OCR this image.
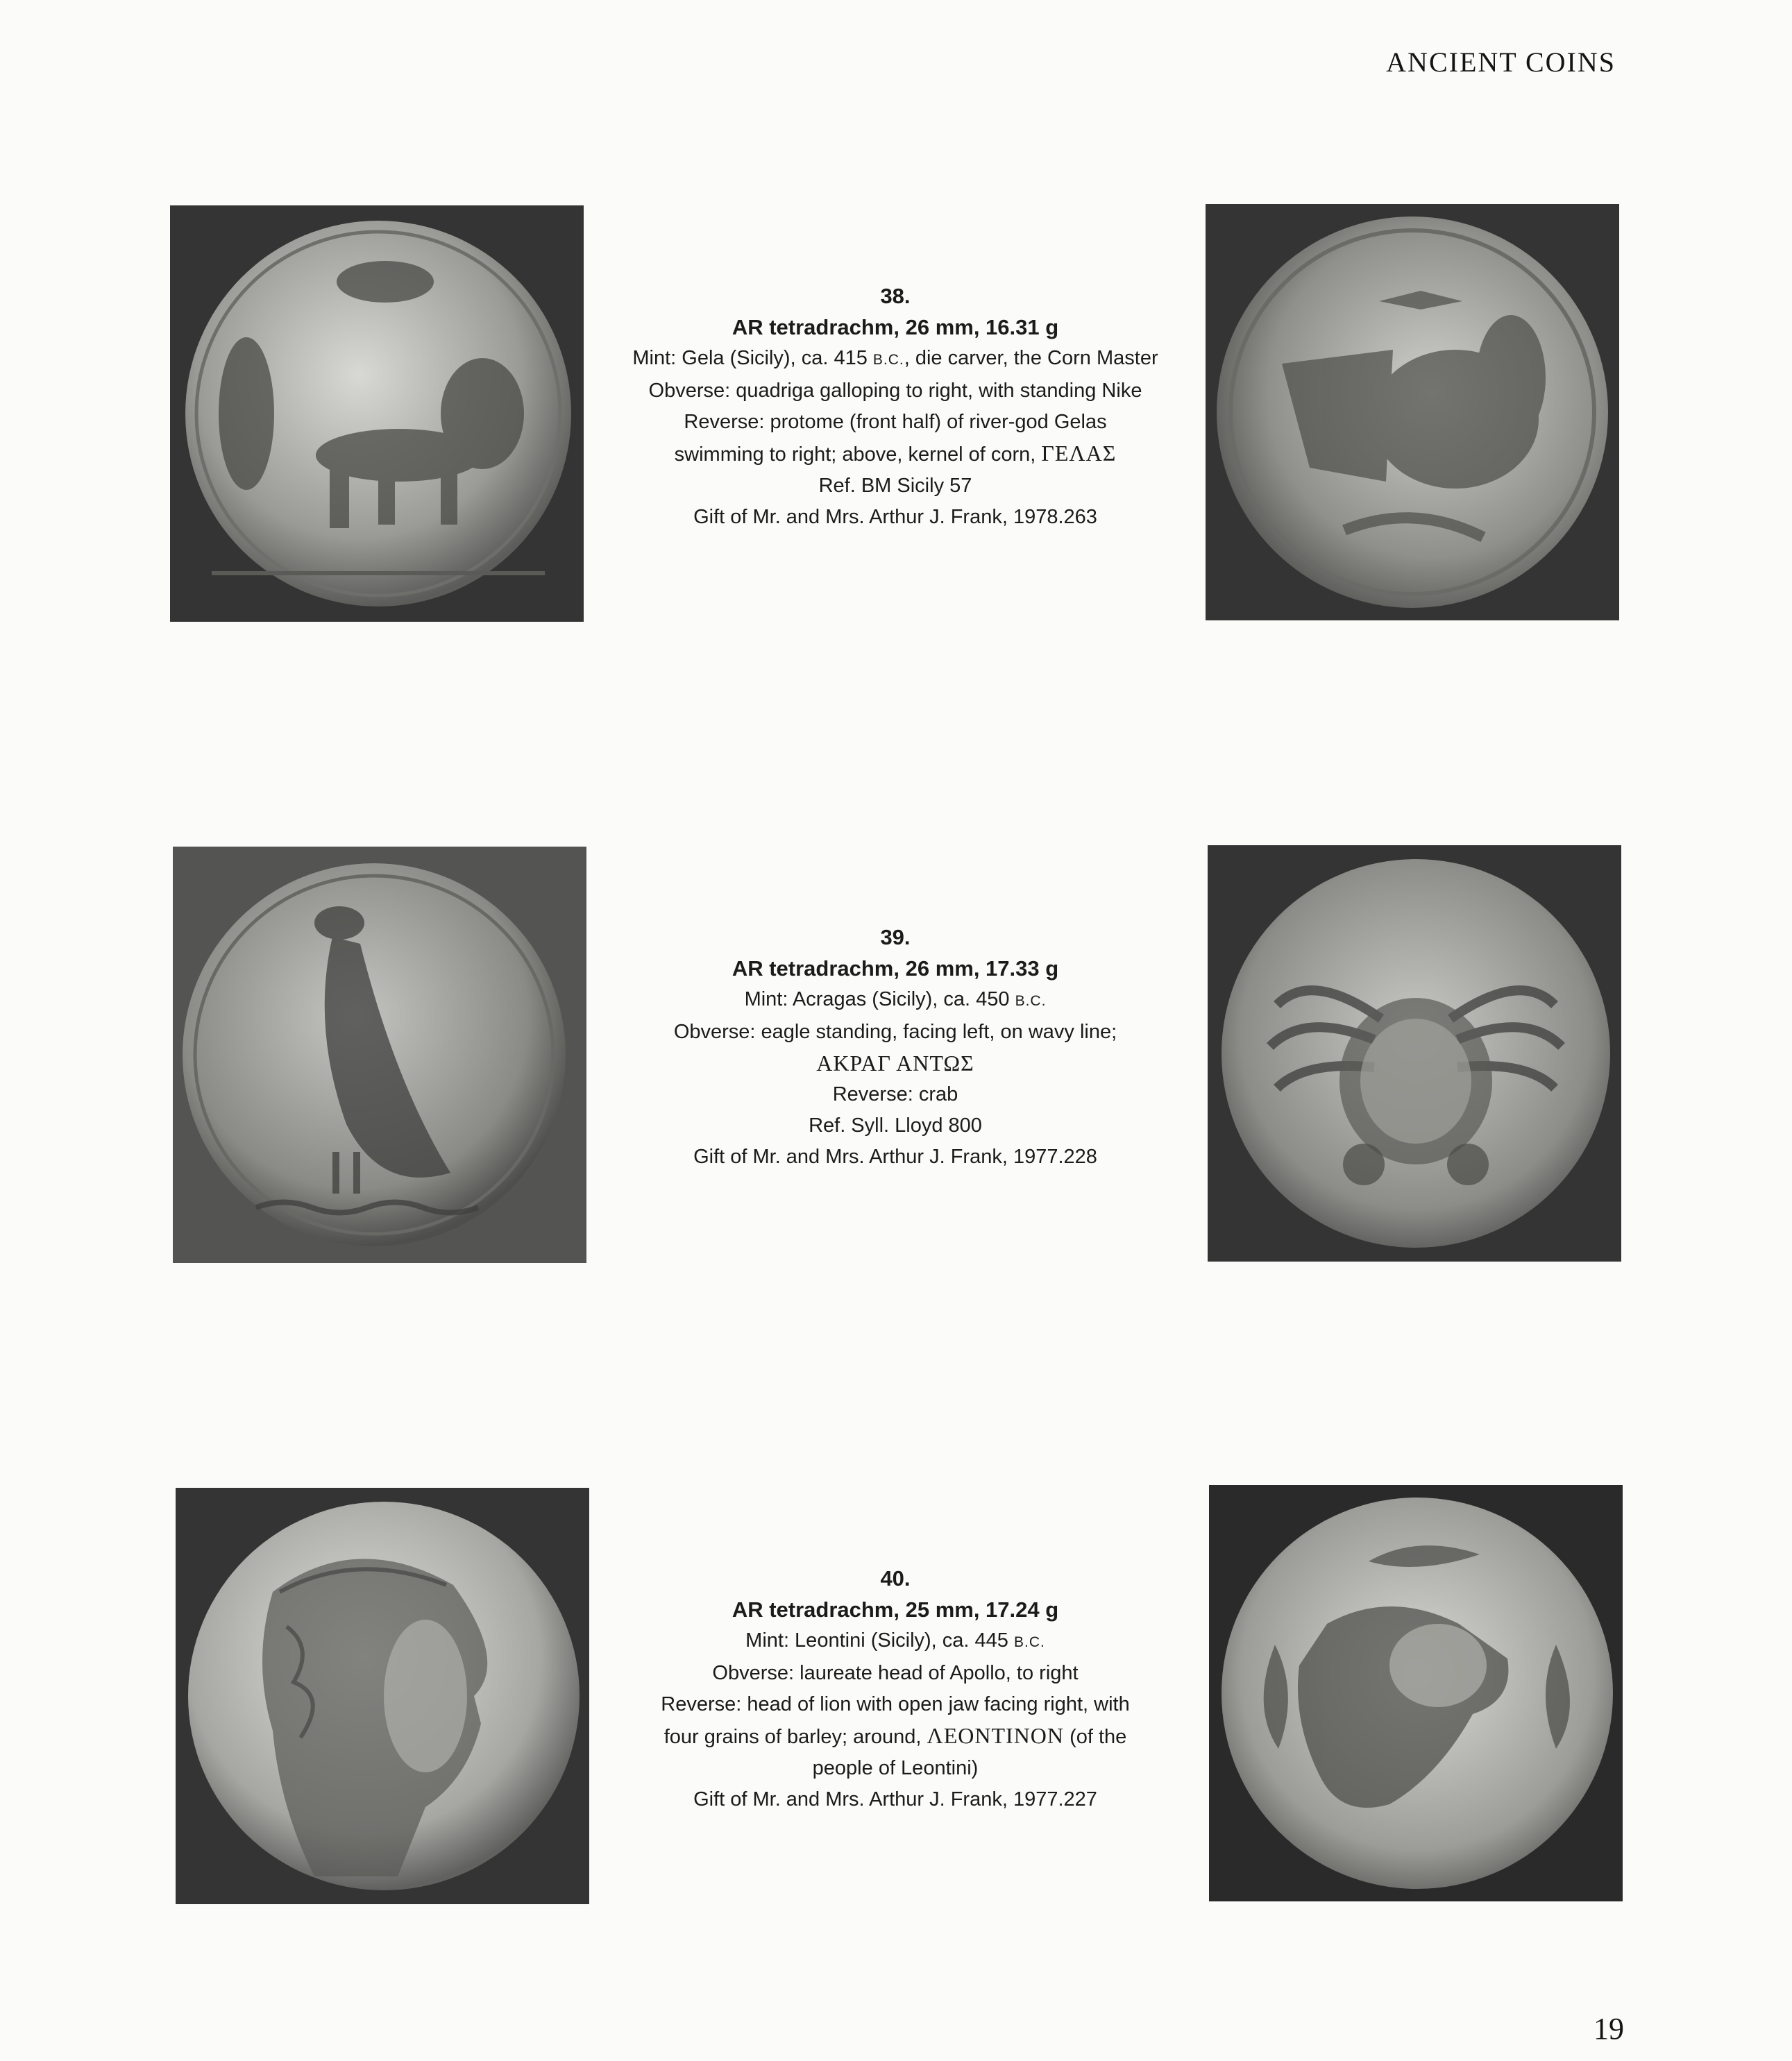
ANCIENT COINS
38.
AR tetradrachm, 26 mm, 16.31 g
Mint: Gela (Sicily), ca. 415 B.C., die carver, the Corn Master
Obverse: quadriga galloping to right, with standing Nike
Reverse: protome (front half) of river-god Gelas
swimming to right; above, kernel of corn, ΓΕΛΑΣ
Ref. BM Sicily 57
Gift of Mr. and Mrs. Arthur J. Frank, 1978.263
39.
AR tetradrachm, 26 mm, 17.33 g
Mint: Acragas (Sicily), ca. 450 B.C.
Obverse: eagle standing, facing left, on wavy line;
ΑΚΡΑΓ ΑΝΤΩΣ
Reverse: crab
Ref. Syll. Lloyd 800
Gift of Mr. and Mrs. Arthur J. Frank, 1977.228
40.
AR tetradrachm, 25 mm, 17.24 g
Mint: Leontini (Sicily), ca. 445 B.C.
Obverse: laureate head of Apollo, to right
Reverse: head of lion with open jaw facing right, with
four grains of barley; around, ΛΕΟΝΤΙΝΟΝ (of the
people of Leontini)
Gift of Mr. and Mrs. Arthur J. Frank, 1977.227
19
